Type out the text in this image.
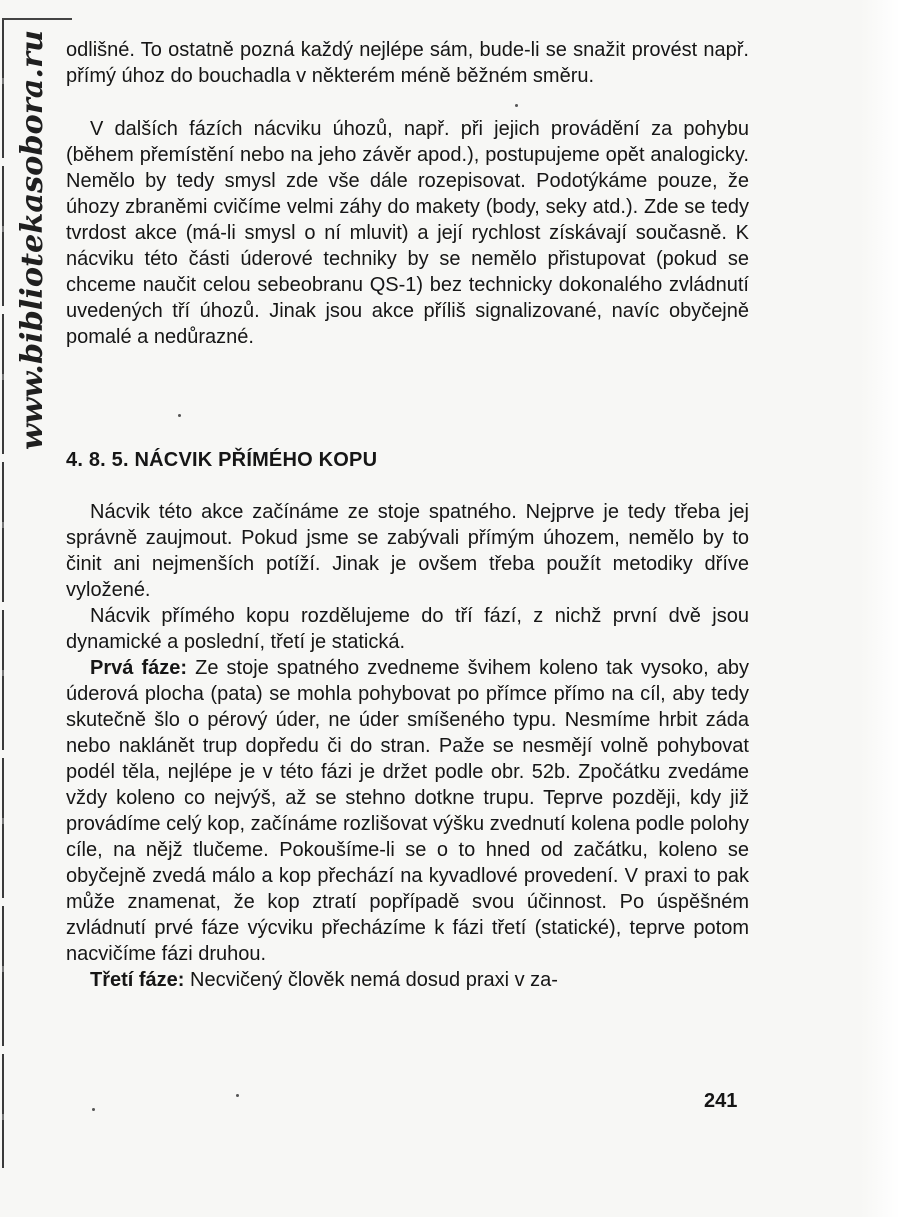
www.bibliotekasobora.ru odlišné. To ostatně pozná každý nejlépe sám, bude-li se snažit provést např. přímý úhoz do bouchadla v některém méně běžném směru.

V dalších fázích nácviku úhozů, např. při jejich provádění za pohybu (během přemístění nebo na jeho závěr apod.), postupujeme opět analogicky. Nemělo by tedy smysl zde vše dále rozepisovat. Podotýkáme pouze, že úhozy zbraněmi cvičíme velmi záhy do makety (body, seky atd.). Zde se tedy tvrdost akce (má-li smysl o ní mluvit) a její rychlost získávají současně. K nácviku této části úderové techniky by se nemělo přistupovat (pokud se chceme naučit celou sebeobranu QS-1) bez technicky dokonalého zvládnutí uvedených tří úhozů. Jinak jsou akce příliš signalizované, navíc obyčejně pomalé a nedůrazné.

4. 8. 5. NÁCVIK PŘÍMÉHO KOPU

Nácvik této akce začínáme ze stoje spatného. Nejprve je tedy třeba jej správně zaujmout. Pokud jsme se zabývali přímým úhozem, nemělo by to činit ani nejmenších potíží. Jinak je ovšem třeba použít metodiky dříve vyložené.

Nácvik přímého kopu rozdělujeme do tří fází, z nichž první dvě jsou dynamické a poslední, třetí je statická.

Prvá fáze: Ze stoje spatného zvedneme švihem koleno tak vysoko, aby úderová plocha (pata) se mohla pohybovat po přímce přímo na cíl, aby tedy skutečně šlo o pérový úder, ne úder smíšeného typu. Nesmíme hrbit záda nebo naklánět trup dopředu či do stran. Paže se nesmějí volně pohybovat podél těla, nejlépe je v této fázi je držet podle obr. 52b. Zpočátku zvedáme vždy koleno co nejvýš, až se stehno dotkne trupu. Teprve později, kdy již provádíme celý kop, začínáme rozlišovat výšku zvednutí kolena podle polohy cíle, na nějž tlučeme. Pokoušíme-li se o to hned od začátku, koleno se obyčejně zvedá málo a kop přechází na kyvadlové provedení. V praxi to pak může znamenat, že kop ztratí popřípadě svou účinnost. Po úspěšném zvládnutí prvé fáze výcviku přecházíme k fázi třetí (statické), teprve potom nacvičíme fázi druhou.

Třetí fáze: Necvičený člověk nemá dosud praxi v za-

241
